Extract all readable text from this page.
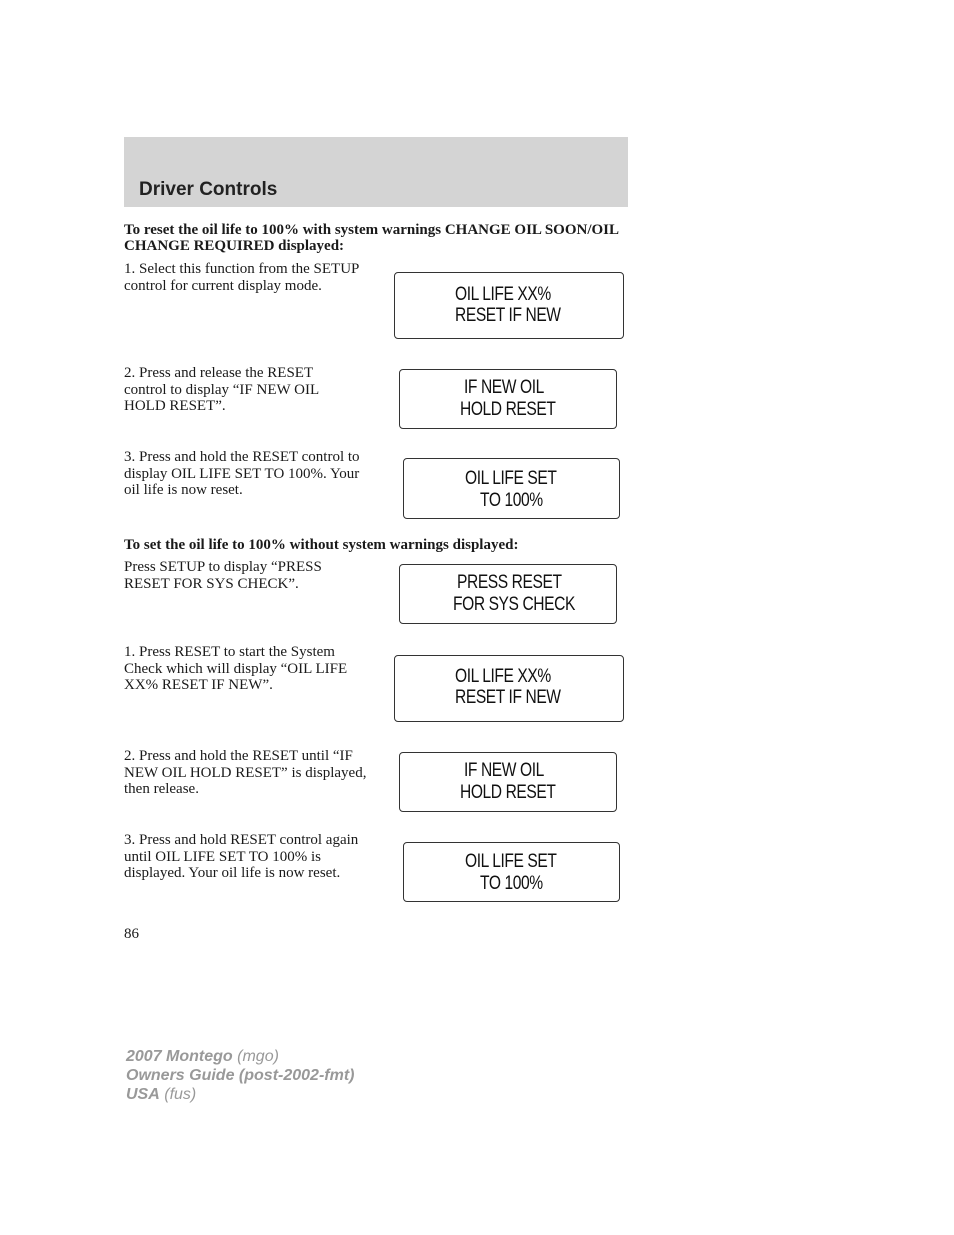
Driver Controls
To reset the oil life to 100% with system warnings CHANGE OIL SOON/OIL CHANGE REQUIRED displayed:
1. Select this function from the SETUP control for current display mode.	OIL LIFE XX%
RESET IF NEW
2. Press and release the RESET control to display “IF NEW OIL HOLD RESET”.
IF NEW OIL
HOLD RESET
3. Press and hold the RESET control to display OIL LIFE SET TO 100%. Your oil life is now reset.
OIL LIFE SET
TO 100%
To set the oil life to 100% without system warnings displayed:
Press SETUP to display “PRESS RESET FOR SYS CHECK”.	PRESS RESET
FOR SYS CHECK
1. Press RESET to start the System Check which will display “OIL LIFE XX% RESET IF NEW”.	OIL LIFE XX%
RESET IF NEW
2. Press and hold the RESET until “IF NEW OIL HOLD RESET” is displayed, then release.
IF NEW OIL
HOLD RESET
3. Press and hold RESET control again until OIL LIFE SET TO 100% is displayed. Your oil life is now reset.
OIL LIFE SET
TO 100%
86
2007 Montego (mgo)
Owners Guide (post-2002-fmt)
USA (fus)
